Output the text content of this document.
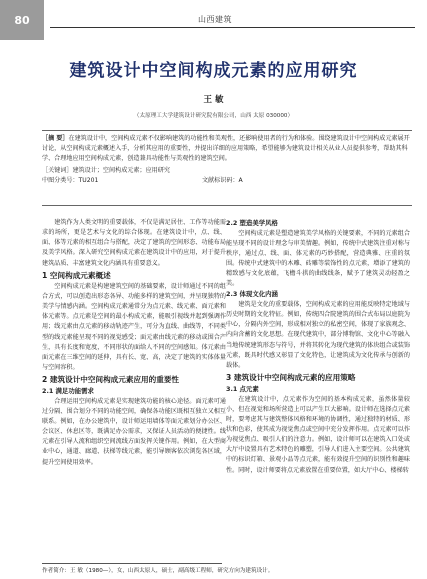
80	山西建筑
建筑设计中空间构成元素的应用研究
王 敏
（太原理工大学建筑设计研究院有限公司，山西 太原 030000）

［摘 要］在建筑设计中，空间构成元素不仅影响建筑的功能性和美观性，还影响使用者的行为和体验。围绕建筑设计中空间构成元素展开讨论，从空间构成元素概述入手，分析其应用的重要性，并提出详细的应用策略，希望能够为建筑设计相关从业人员提供参考，帮助其科学、合理地应用空间构成元素，创造兼具功能性与美观性的建筑空间。

［关键词］建筑设计；空间构成元素；应用研究
中图分类号：TU201	文献标识码：A

建筑作为人类文明的重要载体，不仅是满足居住、工作等功能需求的场所，更是艺术与文化的综合体现。在建筑设计中，点、线、面、体等元素的相互组合与搭配，决定了建筑的空间形态、功能布局及美学风格。深入研究空间构成元素在建筑设计中的应用，对于提升建筑品质、丰富建筑文化内涵具有重要意义。

1 空间构成元素概述

空间构成元素是构建建筑空间的基础要素，设计师通过不同的组合方式，可以创造出形态各异、功能多样的建筑空间，并呈现独特的美学与情感内涵。空间构成元素通常分为点元素、线元素、面元素和体元素等。点元素是空间的最小构成元素，能吸引视线并起到强调作用；线元素由点元素的移动轨迹产生，可分为直线、曲线等，不同类型的线元素能呈现不同的视觉感受；面元素由线元素的移动或围合产生，具有长度和宽度，不同形状的面给人不同的空间感知。体元素由面元素在三维空间的延伸，具有长、宽、高，决定了建筑的实体体量与空间容积。

2 建筑设计中空间构成元素应用的重要性
2.1 满足功能需求

合理运用空间构成元素是实现建筑功能的核心途径。面元素可通过分隔、围合划分不同的功能空间，确保各功能区既相互独立又相互联系。例如，在办公建筑中，设计师运用墙体等面元素划分办公区、会议区、休息区等，既满足办公需求，又保证人员活动的便捷性。线元素在引导人流和组织空间流线方面发挥关键作用。例如，在大型商业中心，通道、廊道、扶梯等线元素，能引导顾客依次浏览各区域，提升空间使用效率。

2.2 塑造美学风格

空间构成元素是塑造建筑美学风格的关键要素，不同的元素组合能呈现不同的设计理念与审美情趣。例如，传统中式建筑注重对称与秩序，通过点、线、面、体元素的巧妙搭配，营造典雅、庄重的氛围。传统中式建筑中的木雕、砖雕等装饰性的点元素，增添了建筑的精致感与文化底蕴，飞檐斗拱的曲线线条，赋予了建筑灵动轻盈之美。

2.3 体现文化内涵

建筑是文化的重要载体，空间构成元素的应用能反映特定地域与历史时期的文化特征。例如，传统四合院建筑的围合式布局以庭院为中心，分隔内外空间，形成相对独立的私密空间，体现了家族观念、内向含蓄的文化思想。在现代建筑中，部分博物馆、文化中心等融入当地传统建筑形态与符号，并将其转化为现代建筑的体块组合或装饰元素，既具时代感又彰显了文化特色，让建筑成为文化传承与创新的载体。

3 建筑设计中空间构成元素的应用策略
3.1 点元素

在建筑设计中，点元素作为空间的基本构成元素，虽然体量较小，但在视觉和场所营造上可以产生巨大影响。设计师在选择点元素时，要考虑其与建筑整体风格和环境的协调性，通过独特的材质、形状和色彩，使其成为视觉焦点或空间中充分发挥作用。点元素可以作为视觉焦点、吸引人们的注意力。例如，设计师可以在建筑入口处或大厅中设置具有艺术特色的雕塑，引导人们进入主要空间。公共建筑中的标识灯箱、景观小品等点元素，能有效提升空间的识别性和趣味性。同时，设计师要将点元素放置在重要位置，如大厅中心、楼梯转

作者简介：王 敏（1980—），女，山西太原人，硕士，副高级工程师，研究方向为建筑设计。
